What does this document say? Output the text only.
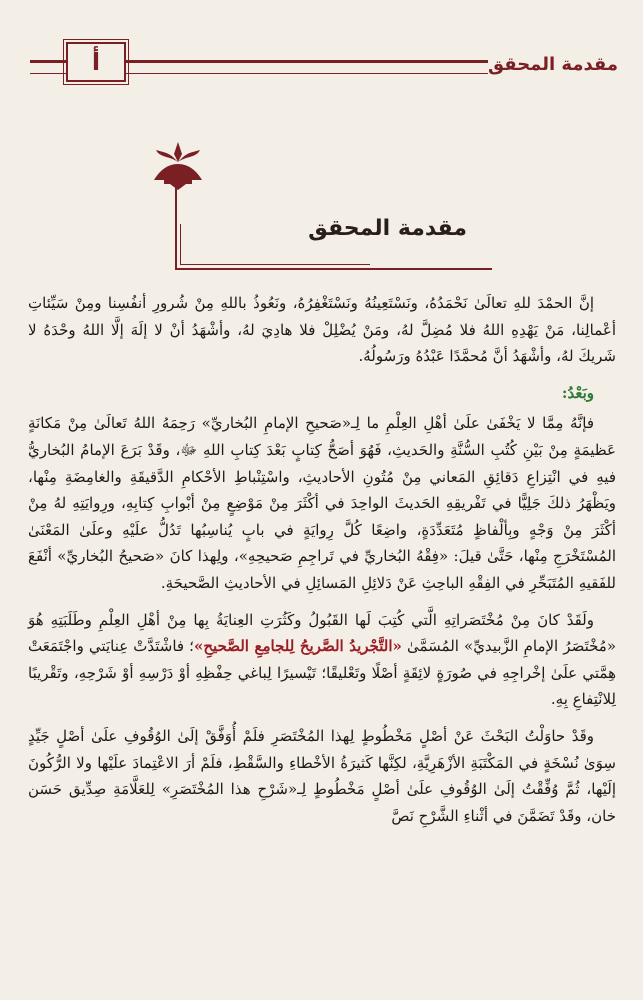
مقدمة المحقق
أ
مقدمة المحقق

إنَّ الحمْدَ للهِ تعالَىٰ نَحْمَدُهُ، ونَسْتَعِينُهُ ونَسْتَغْفِرُهُ، ونَعُوذُ باللهِ مِنْ شُرورِ أنفُسِنا ومِنْ سَيِّئاتِ أعْمالِنا، مَنْ يَهْدِهِ اللهُ فلا مُضِلَّ لهُ، ومَنْ يُضْلِلْ فلا هادِيَ لهُ، وأشْهَدُ أنْ لا إلَهَ إلَّا اللهُ وحْدَهُ لا شَريكَ لهُ، وأشْهَدُ أنَّ مُحمَّدًا عَبْدُهُ ورَسُولُهُ.

وبَعْدُ:

فإنَّهُ مِمَّا لا يَخْفَىٰ علَىٰ أهْلِ العِلْمِ ما لِـ«صَحيحِ الإمامِ البُخاريِّ» رَحِمَهُ اللهُ تَعالَىٰ مِنْ مَكانَةٍ عَظيمَةٍ مِنْ بَيْنِ كُتُبِ السُّنَّةِ والحَديثِ، فَهُوَ أصَحُّ كِتابٍ بَعْدَ كِتابِ اللهِ ﷻ، وقَدْ بَرَعَ الإمامُ البُخاريُّ فيهِ في انْتِزاعِ دَقائِقِ المَعاني مِنْ مُتُونِ الأحاديثِ، واسْتِنْباطِ الأحْكامِ الدَّقيقَةِ والغامِضَةِ مِنْها، ويَظْهَرُ ذلكَ جَلِيًّا في تَفْريقِهِ الحَديثَ الواحِدَ في أكْثَرَ مِنْ مَوْضِعٍ مِنْ أبْوابِ كِتابِهِ، ورِوايَتِهِ لهُ مِنْ أكْثَرَ مِنْ وَجْهٍ وبِألْفاظٍ مُتَعَدِّدَةٍ، واضِعًا كُلَّ رِوايَةٍ في بابٍ يُناسِبُها تَدُلُّ علَيْهِ وعلَىٰ المَعْنَىٰ المُسْتَخْرَجِ مِنْها، حَتَّىٰ قيلَ: «فِقْهُ البُخاريِّ في تَراجِمِ صَحيحِهِ»، ولِهذا كانَ «صَحيحُ البُخاريِّ» أنْفَعَ للفَقيهِ المُتَبَحِّرِ في الفِقْهِ الباحِثِ عَنْ دَلائِلِ المَسائِلِ في الأحاديثِ الصَّحيحَةِ.

ولَقَدْ كانَ مِنْ مُخْتَصَراتِهِ الَّتي كُتِبَ لَها القَبُولُ وكَثُرَتِ العِنايَةُ بِها مِنْ أهْلِ العِلْمِ وطَلَبَتِهِ هُوَ «مُخْتَصَرُ الإمامِ الزَّبيديِّ» المُسَمَّىٰ «التَّجْريدُ الصَّريحُ لِلجامِعِ الصَّحيحِ»؛ فاشْتَدَّتْ عِنايَتي واجْتَمَعَتْ هِمَّتي علَىٰ إخْراجِهِ في صُورَةٍ لائِقَةٍ أصْلًا وتَعْليقًا؛ تَيْسيرًا لِباغي حِفْظِهِ أوْ دَرْسِهِ أوْ شَرْحِهِ، وتَقْريبًا لِلانْتِفاعِ بِهِ.

وقَدْ حاوَلْتُ البَحْثَ عَنْ أصْلٍ مَخْطُوطٍ لِهذا المُخْتَصَرِ فلَمْ أُوَفَّقْ إلَىٰ الوُقُوفِ علَىٰ أصْلٍ جَيِّدٍ سِوَىٰ نُسْخَةٍ في المَكْتَبَةِ الأزْهَرِيَّةِ، لكِنَّها كَثيرَةُ الأخْطاءِ والسَّقْطِ، فلَمْ أرَ الاعْتِمادَ علَيْها ولا الرُّكُونَ إلَيْها، ثُمَّ وُفِّقْتُ إلَىٰ الوُقُوفِ علَىٰ أصْلٍ مَخْطُوطٍ لِـ«شَرْحِ هذا المُخْتَصَرِ» لِلعَلَّامَةِ صِدِّيق حَسَن خان، وقَدْ تَضَمَّنَ في أثْناءِ الشَّرْحِ نَصَّ
